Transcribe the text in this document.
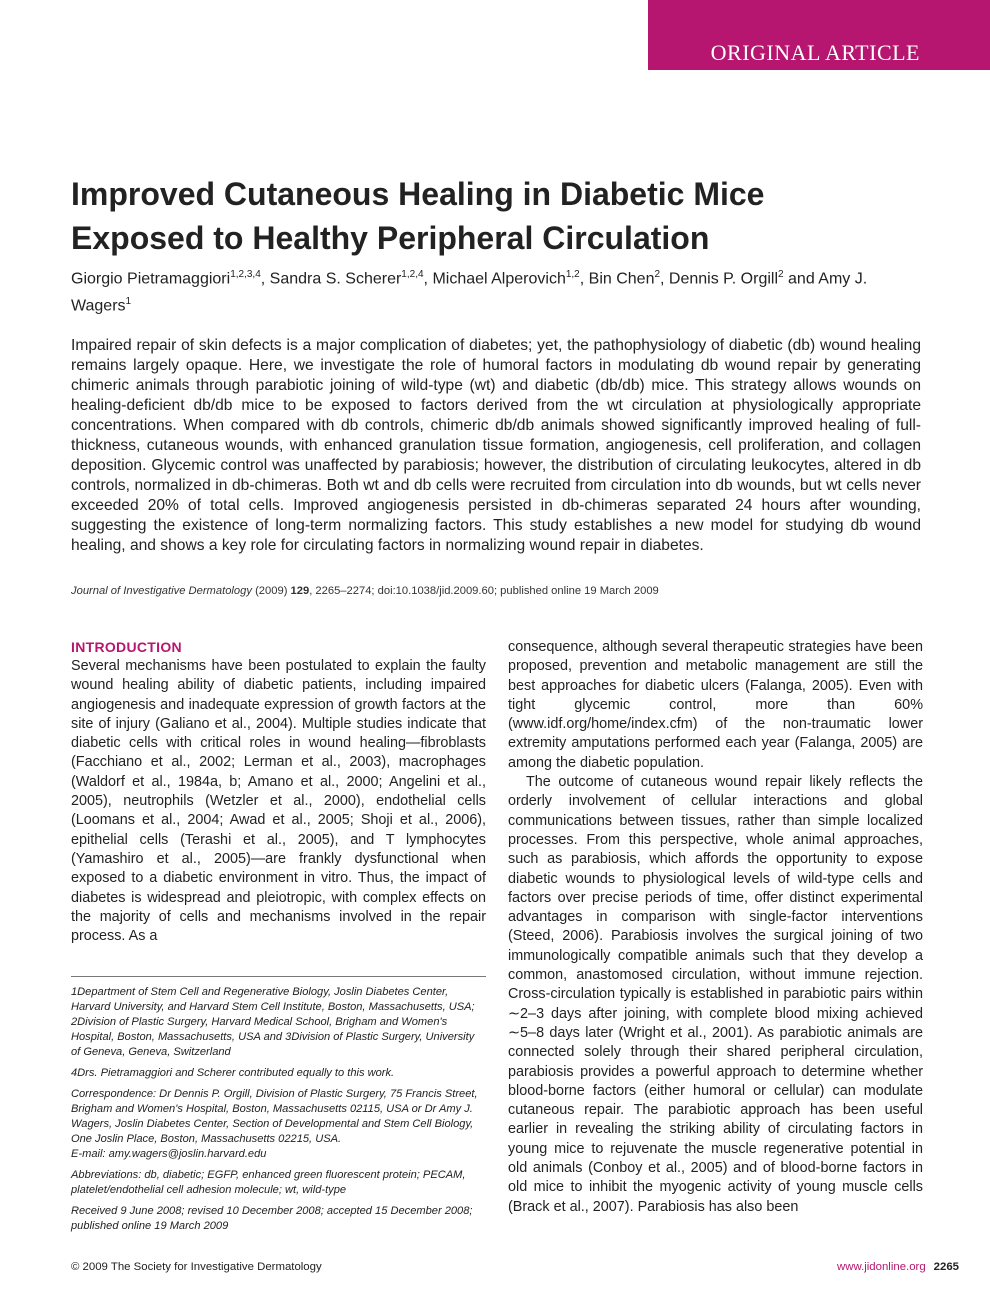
ORIGINAL ARTICLE
Improved Cutaneous Healing in Diabetic Mice
Exposed to Healthy Peripheral Circulation
Giorgio Pietramaggiori$^{1,2,3,4}$, Sandra S. Scherer$^{1,2,4}$, Michael Alperovich$^{1,2}$, Bin Chen$^2$, Dennis P. Orgill$^2$ and Amy J. Wagers$^1$
Impaired repair of skin defects is a major complication of diabetes; yet, the pathophysiology of diabetic (db) wound healing remains largely opaque. Here, we investigate the role of humoral factors in modulating db wound repair by generating chimeric animals through parabiotic joining of wild-type (wt) and diabetic (db/db) mice. This strategy allows wounds on healing-deficient db/db mice to be exposed to factors derived from the wt circulation at physiologically appropriate concentrations. When compared with db controls, chimeric db/db animals showed significantly improved healing of full-thickness, cutaneous wounds, with enhanced granulation tissue formation, angiogenesis, cell proliferation, and collagen deposition. Glycemic control was unaffected by parabiosis; however, the distribution of circulating leukocytes, altered in db controls, normalized in db-chimeras. Both wt and db cells were recruited from circulation into db wounds, but wt cells never exceeded 20% of total cells. Improved angiogenesis persisted in db-chimeras separated 24 hours after wounding, suggesting the existence of long-term normalizing factors. This study establishes a new model for studying db wound healing, and shows a key role for circulating factors in normalizing wound repair in diabetes.
Journal of Investigative Dermatology (2009) 129, 2265–2274; doi:10.1038/jid.2009.60; published online 19 March 2009
INTRODUCTION
Several mechanisms have been postulated to explain the faulty wound healing ability of diabetic patients, including impaired angiogenesis and inadequate expression of growth factors at the site of injury (Galiano et al., 2004). Multiple studies indicate that diabetic cells with critical roles in wound healing—fibroblasts (Facchiano et al., 2002; Lerman et al., 2003), macrophages (Waldorf et al., 1984a, b; Amano et al., 2000; Angelini et al., 2005), neutrophils (Wetzler et al., 2000), endothelial cells (Loomans et al., 2004; Awad et al., 2005; Shoji et al., 2006), epithelial cells (Terashi et al., 2005), and T lymphocytes (Yamashiro et al., 2005)—are frankly dysfunctional when exposed to a diabetic environment in vitro. Thus, the impact of diabetes is widespread and pleiotropic, with complex effects on the majority of cells and mechanisms involved in the repair process. As a

1Department of Stem Cell and Regenerative Biology, Joslin Diabetes Center, Harvard University, and Harvard Stem Cell Institute, Boston, Massachusetts, USA; 2Division of Plastic Surgery, Harvard Medical School, Brigham and Women's Hospital, Boston, Massachusetts, USA and 3Division of Plastic Surgery, University of Geneva, Geneva, Switzerland

4Drs. Pietramaggiori and Scherer contributed equally to this work.

Correspondence: Dr Dennis P. Orgill, Division of Plastic Surgery, 75 Francis Street, Brigham and Women's Hospital, Boston, Massachusetts 02115, USA or Dr Amy J. Wagers, Joslin Diabetes Center, Section of Developmental and Stem Cell Biology, One Joslin Place, Boston, Massachusetts 02215, USA.
E-mail: amy.wagers@joslin.harvard.edu

Abbreviations: db, diabetic; EGFP, enhanced green fluorescent protein; PECAM, platelet/endothelial cell adhesion molecule; wt, wild-type

Received 9 June 2008; revised 10 December 2008; accepted 15 December 2008; published online 19 March 2009

consequence, although several therapeutic strategies have been proposed, prevention and metabolic management are still the best approaches for diabetic ulcers (Falanga, 2005). Even with tight glycemic control, more than 60% (www.idf.org/home/index.cfm) of the non-traumatic lower extremity amputations performed each year (Falanga, 2005) are among the diabetic population.
The outcome of cutaneous wound repair likely reflects the orderly involvement of cellular interactions and global communications between tissues, rather than simple localized processes. From this perspective, whole animal approaches, such as parabiosis, which affords the opportunity to expose diabetic wounds to physiological levels of wild-type cells and factors over precise periods of time, offer distinct experimental advantages in comparison with single-factor interventions (Steed, 2006). Parabiosis involves the surgical joining of two immunologically compatible animals such that they develop a common, anastomosed circulation, without immune rejection. Cross-circulation typically is established in parabiotic pairs within ∼2–3 days after joining, with complete blood mixing achieved ∼5–8 days later (Wright et al., 2001). As parabiotic animals are connected solely through their shared peripheral circulation, parabiosis provides a powerful approach to determine whether blood-borne factors (either humoral or cellular) can modulate cutaneous repair. The parabiotic approach has been useful earlier in revealing the striking ability of circulating factors in young mice to rejuvenate the muscle regenerative potential in old animals (Conboy et al., 2005) and of blood-borne factors in old mice to inhibit the myogenic activity of young muscle cells (Brack et al., 2007). Parabiosis has also been
© 2009 The Society for Investigative Dermatology	www.jidonline.org 2265
